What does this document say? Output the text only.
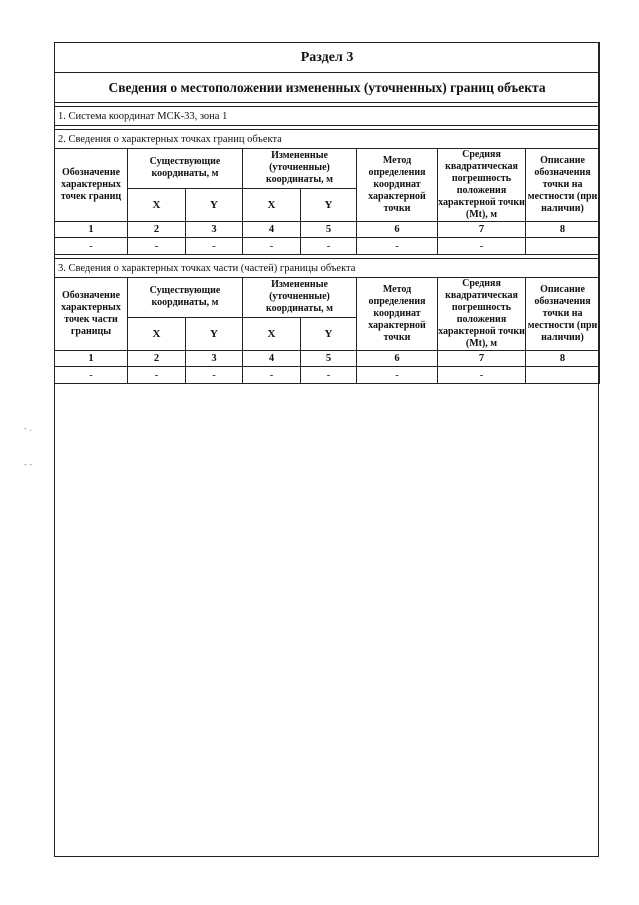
Раздел 3							
Сведения о местоположении измененных (уточненных) границ объекта							

1. Система координат МСК-33, зона 1							

2. Сведения о характерных точках границ объекта							
Обозначение характерных точек границ	Существующие координаты, м		Измененные (уточненные) координаты, м		Метод определения координат характерной точки	Средняя квадратическая погрешность положения характерной точки (Mt), м	Описание обозначения точки на местности (при наличии)
	X	Y	X	Y			
1	2	3	4	5	6	7	8
-	-	-	-	-	-	-	

3. Сведения о характерных точках части (частей) границы объекта							
Обозначение характерных точек части границы	Существующие координаты, м		Измененные (уточненные) координаты, м		Метод определения координат характерной точки	Средняя квадратическая погрешность положения характерной точки (Mt), м	Описание обозначения точки на местности (при наличии)
	X	Y	X	Y			
1	2	3	4	5	6	7	8
-	-	-	-	-	-	-	
- .
- -
